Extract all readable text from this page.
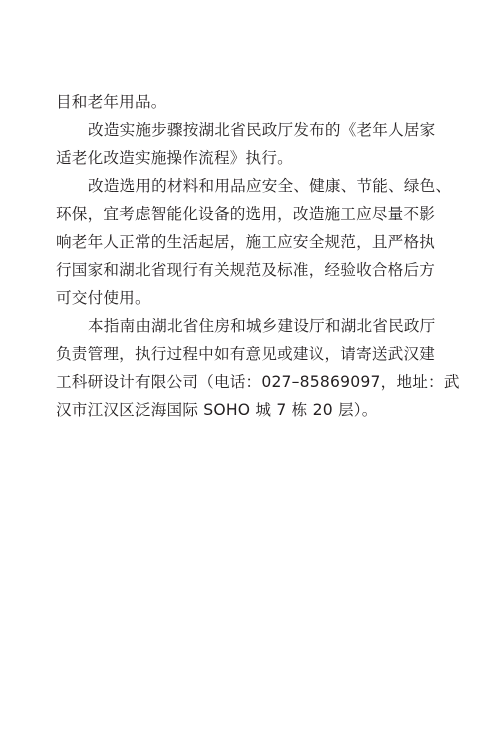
目和老年用品。
改造实施步骤按湖北省民政厅发布的《老年人居家
适老化改造实施操作流程》执行。
改造选用的材料和用品应安全、健康、节能、绿色、
环保，宜考虑智能化设备的选用，改造施工应尽量不影
响老年人正常的生活起居，施工应安全规范，且严格执
行国家和湖北省现行有关规范及标准，经验收合格后方
可交付使用。
本指南由湖北省住房和城乡建设厅和湖北省民政厅
负责管理，执行过程中如有意见或建议，请寄送武汉建
工科研设计有限公司（电话：027–85869097，地址：武
汉市江汉区泛海国际 SOHO 城 7 栋 20 层）。
